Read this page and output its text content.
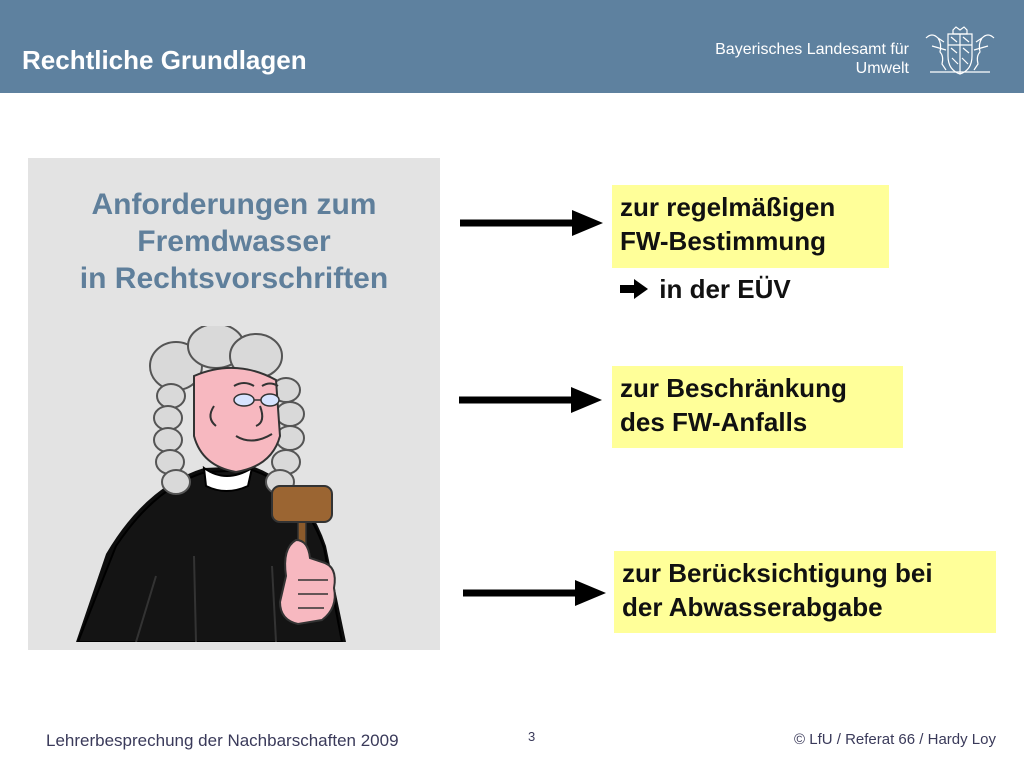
Rechtliche Grundlagen	Bayerisches Landesamt für
Umwelt
Anforderungen zum
Fremdwasser
in Rechtsvorschriften
zur regelmäßigen
FW-Bestimmung
in der EÜV
zur Beschränkung
des FW-Anfalls
zur Berücksichtigung bei
der Abwasserabgabe
Lehrerbesprechung der Nachbarschaften 2009	3	© LfU / Referat 66 / Hardy Loy
